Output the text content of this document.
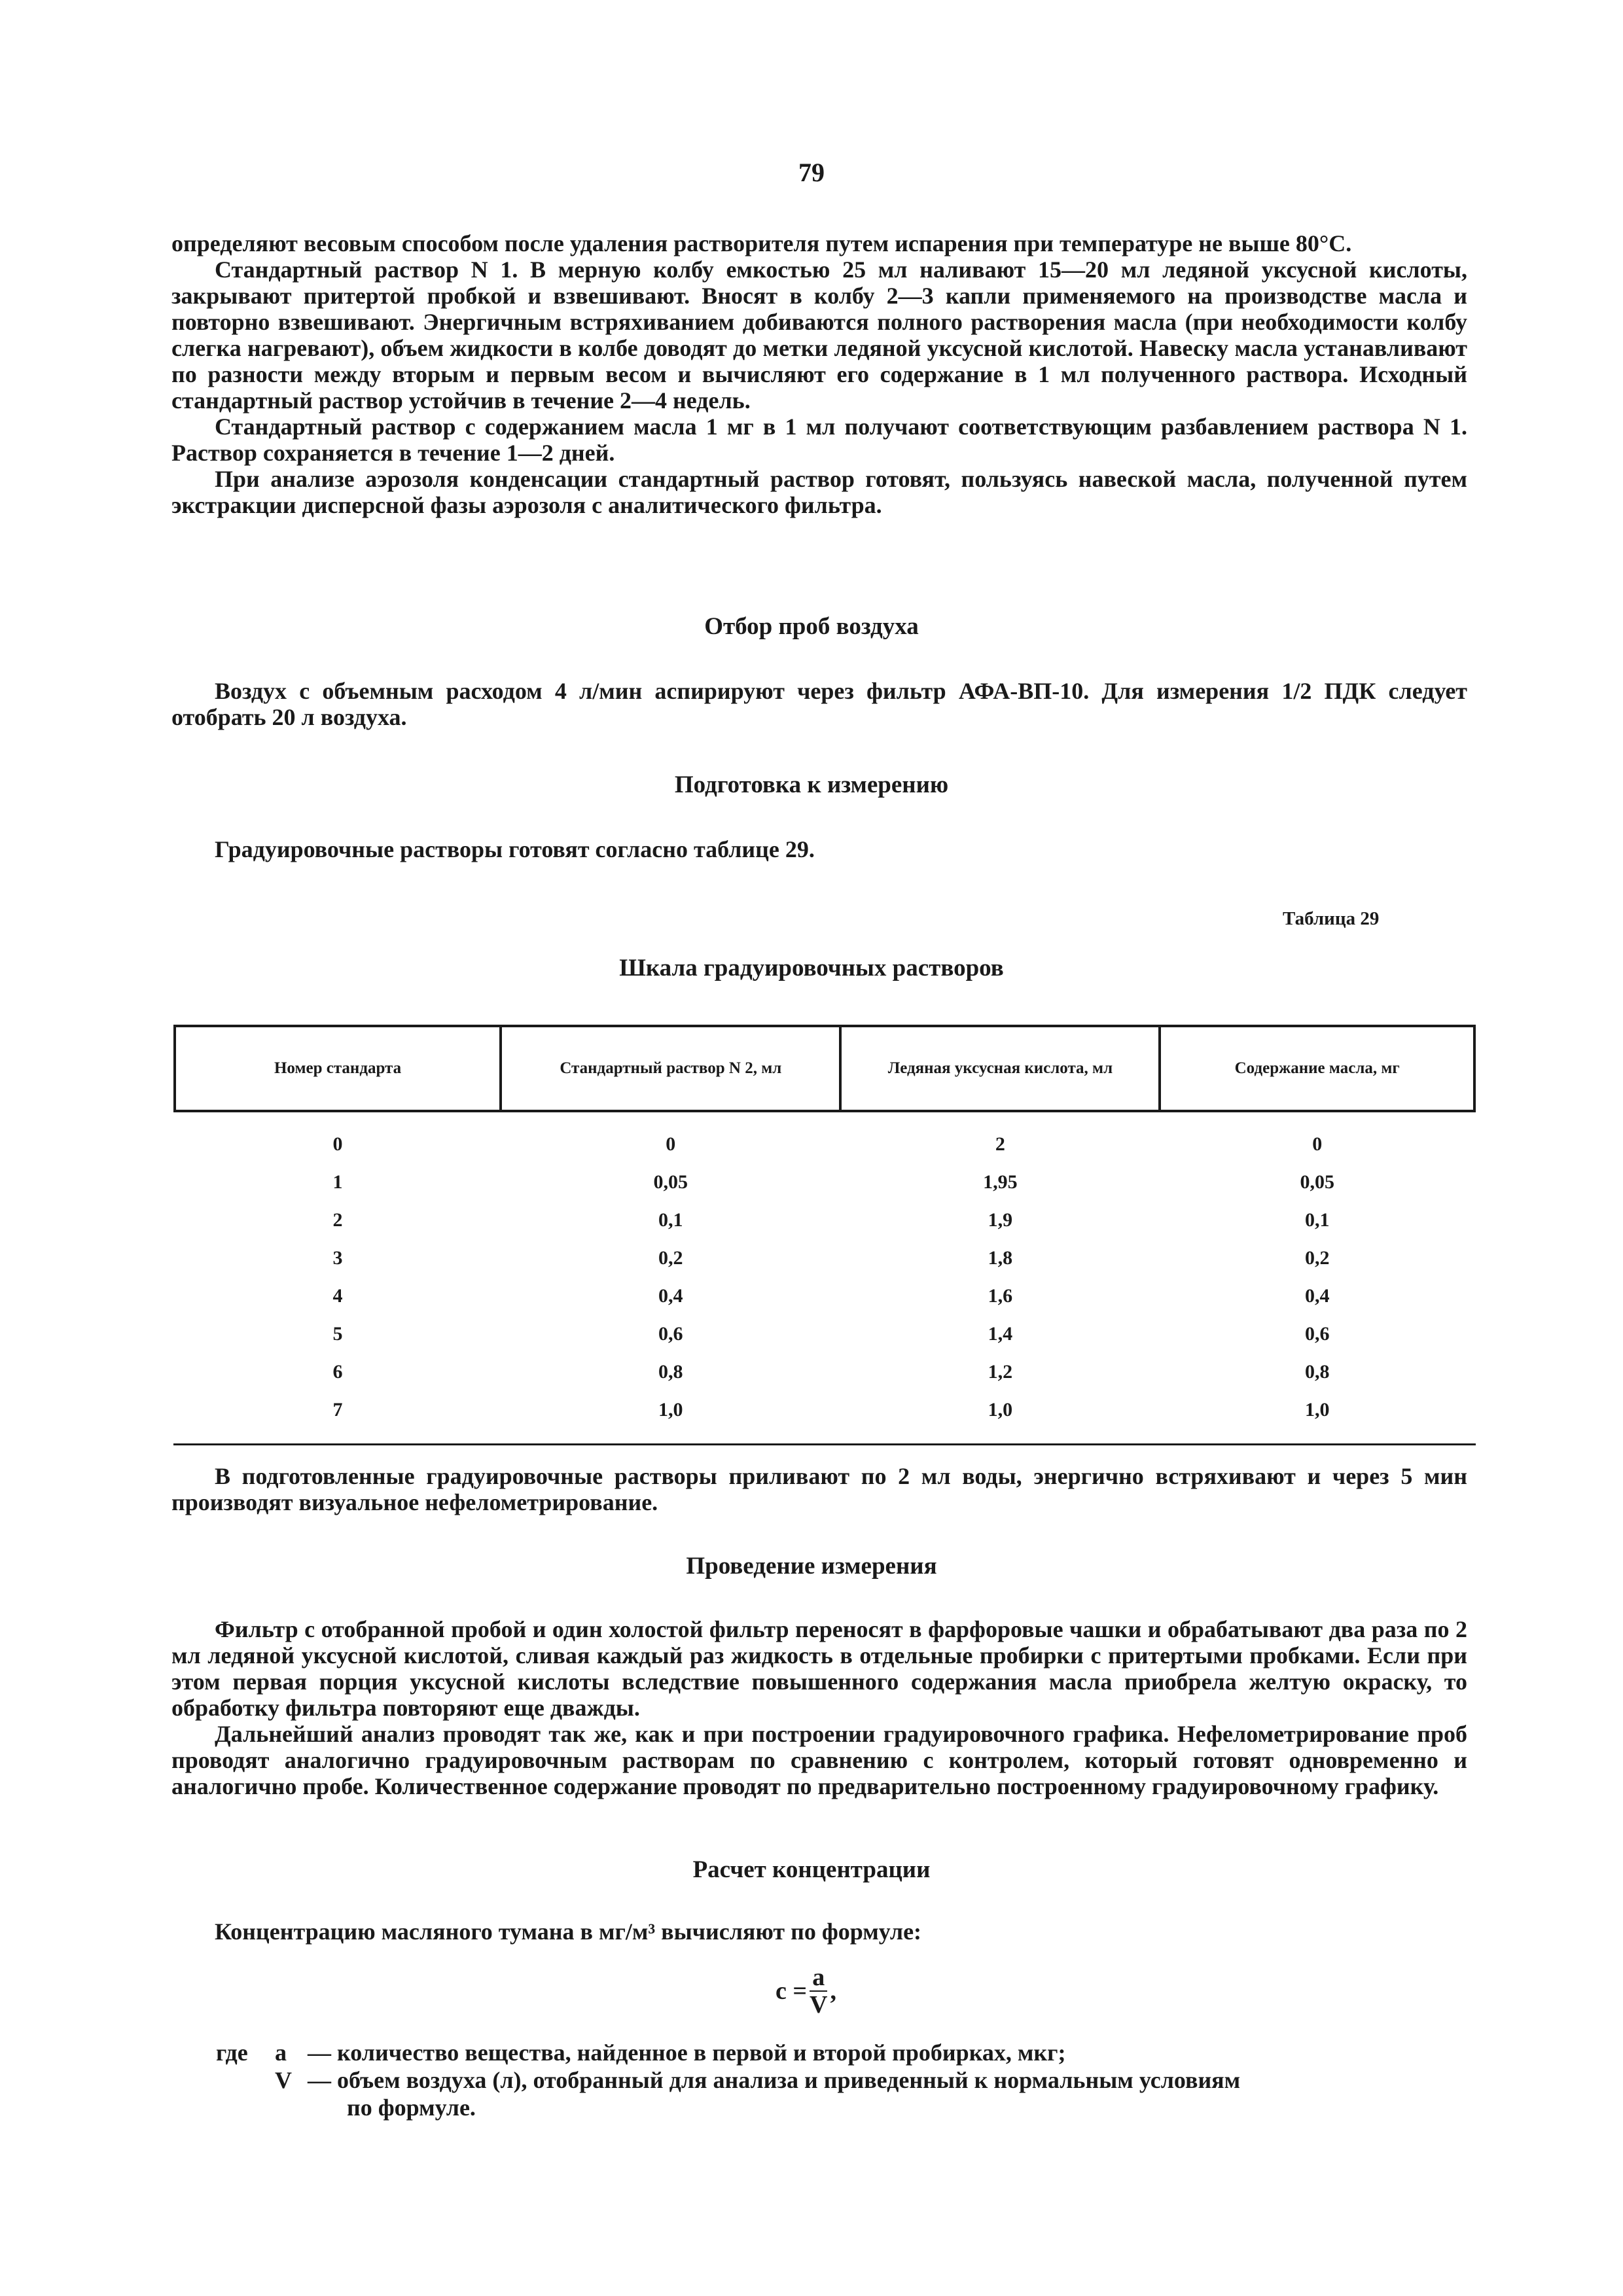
79

определяют весовым способом после удаления растворителя путем испарения при температуре не выше 80°С.

Стандартный раствор N 1. В мерную колбу емкостью 25 мл наливают 15—20 мл ледяной уксусной кислоты, закрывают притертой пробкой и взвешивают. Вносят в колбу 2—3 капли применяемого на производстве масла и повторно взвешивают. Энергичным встряхиванием добиваются полного растворения масла (при необходимости колбу слегка нагревают), объем жидкости в колбе доводят до метки ледяной уксусной кислотой. Навеску масла устанавливают по разности между вторым и первым весом и вычисляют его содержание в 1 мл полученного раствора. Исходный стандартный раствор устойчив в течение 2—4 недель.

Стандартный раствор с содержанием масла 1 мг в 1 мл получают соответствующим разбавлением раствора N 1. Раствор сохраняется в течение 1—2 дней.

При анализе аэрозоля конденсации стандартный раствор готовят, пользуясь навеской масла, полученной путем экстракции дисперсной фазы аэрозоля с аналитического фильтра.

Отбор проб воздуха

Воздух с объемным расходом 4 л/мин аспирируют через фильтр АФА-ВП-10. Для измерения 1/2 ПДК следует отобрать 20 л воздуха.

Подготовка к измерению

Градуировочные растворы готовят согласно таблице 29.

Таблица 29
Шкала градуировочных растворов
Номер стандарта	Стандартный раствор N 2, мл	Ледяная уксусная кислота, мл	Содержание масла, мг

0	0	2	0
1	0,05	1,95	0,05
2	0,1	1,9	0,1
3	0,2	1,8	0,2
4	0,4	1,6	0,4
5	0,6	1,4	0,6
6	0,8	1,2	0,8
7	1,0	1,0	1,0

В подготовленные градуировочные растворы приливают по 2 мл воды, энергично встряхивают и через 5 мин производят визуальное нефелометрирование.

Проведение измерения

Фильтр с отобранной пробой и один холостой фильтр переносят в фарфоровые чашки и обрабатывают два раза по 2 мл ледяной уксусной кислотой, сливая каждый раз жидкость в отдельные пробирки с притертыми пробками. Если при этом первая порция уксусной кислоты вследствие повышенного содержания масла приобрела желтую окраску, то обработку фильтра повторяют еще дважды.

Дальнейший анализ проводят так же, как и при построении градуировочного графика. Нефелометрирование проб проводят аналогично градуировочным растворам по сравнению с контролем, который готовят одновременно и аналогично пробе. Количественное содержание проводят по предварительно построенному градуировочному графику.

Расчет концентрации

Концентрацию масляного тумана в мг/м³ вычисляют по формуле:

$c = \frac{a}{V}$ ,
где	а — количество вещества, найденное в первой и второй пробирках, мкг;
V — объем воздуха (л), отобранный для анализа и приведенный к нормальным условиям
по формуле.
